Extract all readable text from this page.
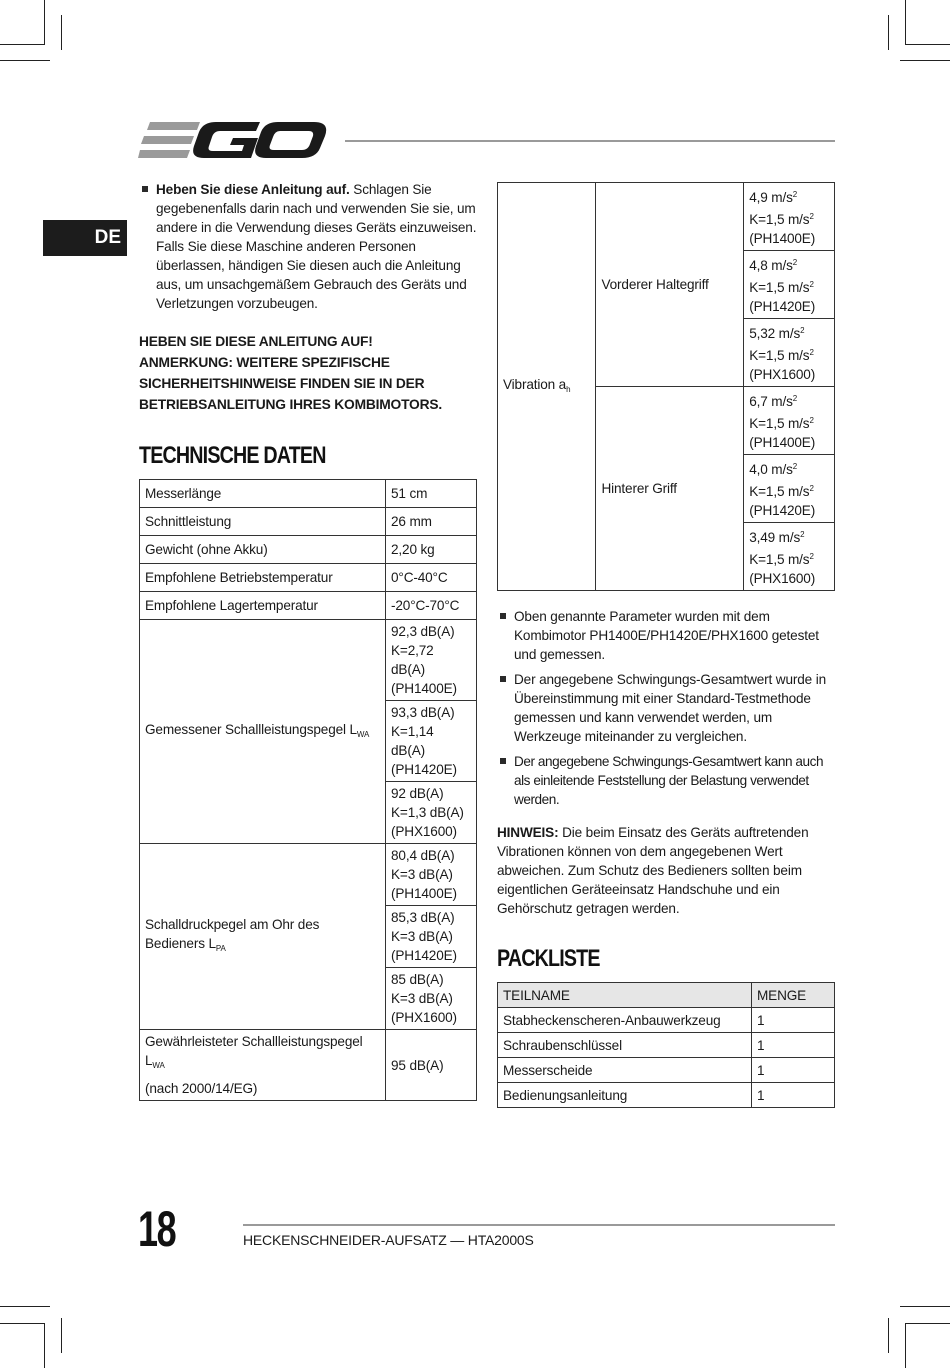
DE
Heben Sie diese Anleitung auf. Schlagen Sie gegebenenfalls darin nach und verwenden Sie sie, um andere in die Verwendung dieses Geräts einzuweisen. Falls Sie diese Maschine anderen Personen überlassen, händigen Sie diesen auch die Anleitung aus, um unsachgemäßem Gebrauch des Geräts und Verletzungen vorzubeugen.
HEBEN SIE DIESE ANLEITUNG AUF!
ANMERKUNG: WEITERE SPEZIFISCHE SICHERHEITSHINWEISE FINDEN SIE IN DER BETRIEBSANLEITUNG IHRES KOMBIMOTORS.
TECHNISCHE DATEN
Messerlänge	51 cm
Schnittleistung	26 mm
Gewicht (ohne Akku)	2,20 kg
Empfohlene Betriebstemperatur	0°C-40°C
Empfohlene Lagertemperatur	-20°C-70°C
Gemessener Schallleistungspegel $L_{WA}$	92,3 dB(A)
K=2,72 dB(A)
(PH1400E)

	93,3 dB(A)
K=1,14 dB(A)
(PH1420E)

	92 dB(A)
K=1,3 dB(A)
(PHX1600)

Schalldruckpegel am Ohr des Bedieners $L_{PA}$	80,4 dB(A)
K=3 dB(A)
(PH1400E)

	85,3 dB(A)
K=3 dB(A)
(PH1420E)

	85 dB(A)
K=3 dB(A)
(PHX1600)

Gewährleisteter Schallleistungspegel $L_{WA}$
(nach 2000/14/EG)	95 dB(A)
Vibration $a_h$	Vorderer Haltegriff	4,9 $m/s^2$
K=1,5 $m/s^2$
(PH1400E)

		4,8 $m/s^2$
K=1,5 $m/s^2$
(PH1420E)

		5,32 $m/s^2$
K=1,5 $m/s^2$
(PHX1600)

	Hinterer Griff	6,7 $m/s^2$
K=1,5 $m/s^2$
(PH1400E)

		4,0 $m/s^2$
K=1,5 $m/s^2$
(PH1420E)

		3,49 $m/s^2$
K=1,5 $m/s^2$
(PHX1600)
Oben genannte Parameter wurden mit dem Kombimotor PH1400E/PH1420E/PHX1600 getestet und gemessen.
Der angegebene Schwingungs-Gesamtwert wurde in Übereinstimmung mit einer Standard-Testmethode gemessen und kann verwendet werden, um Werkzeuge miteinander zu vergleichen.
Der angegebene Schwingungs-Gesamtwert kann auch als einleitende Feststellung der Belastung verwendet werden.
HINWEIS: Die beim Einsatz des Geräts auftretenden Vibrationen können von dem angegebenen Wert abweichen. Zum Schutz des Bedieners sollten beim eigentlichen Geräteeinsatz Handschuhe und ein Gehörschutz getragen werden.
PACKLISTE
TEILNAME	MENGE
Stabheckenscheren-Anbauwerkzeug	1
Schraubenschlüssel	1
Messerscheide	1
Bedienungsanleitung	1
18	HECKENSCHNEIDER-AUFSATZ — HTA2000S
